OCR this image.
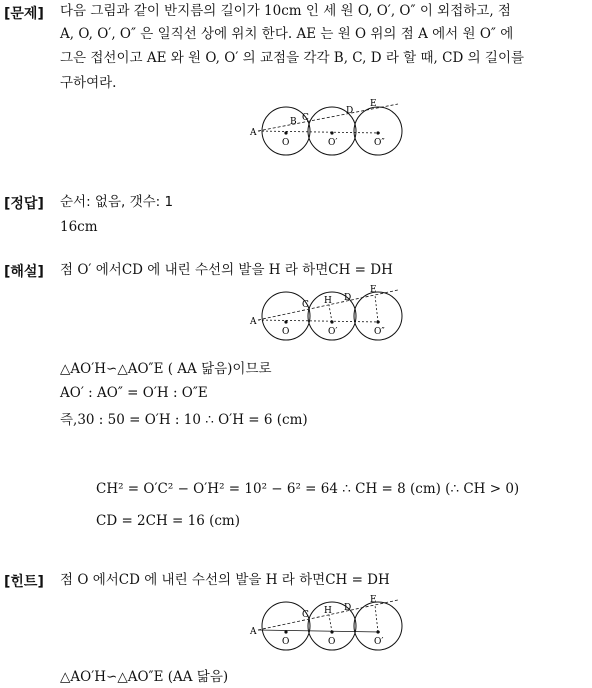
[문제] 다음 그림과 같이 반지름의 길이가 10cm 인 세 원 O, O′, O″ 이 외접하고, 점
A, O, O′, O″ 은 일직선 상에 위치 한다. AE 는 원 O 위의 점 A 에서 원 O″ 에
그은 접선이고 AE 와 원 O, O′ 의 교점을 각각 B, C, D 라 할 때, CD 의 길이를
구하여라.
A
B C
D
E
O	O′	O″
[정답] 순서: 없음, 갯수: 1
16cm
[해설] 점 O′ 에서CD 에 내린 수선의 발을 H 라 하면CH = DH
A
C H D
E
O	O′	O″
△AO′H∽△AO″E ( AA 닮음)이므로
AO′ : AO″ = O′H : O″E
즉,30 : 50 = O′H : 10 ∴ O′H = 6 (cm)
CH² = O′C² − O′H² = 10² − 6² = 64 ∴ CH = 8 (cm) (∴ CH > 0)
CD = 2CH = 16 (cm)
[힌트] 점 O 에서CD 에 내린 수선의 발을 H 라 하면CH = DH
A
C H D
E
O	O	O′
△AO′H∽△AO″E (AA 닮음)
